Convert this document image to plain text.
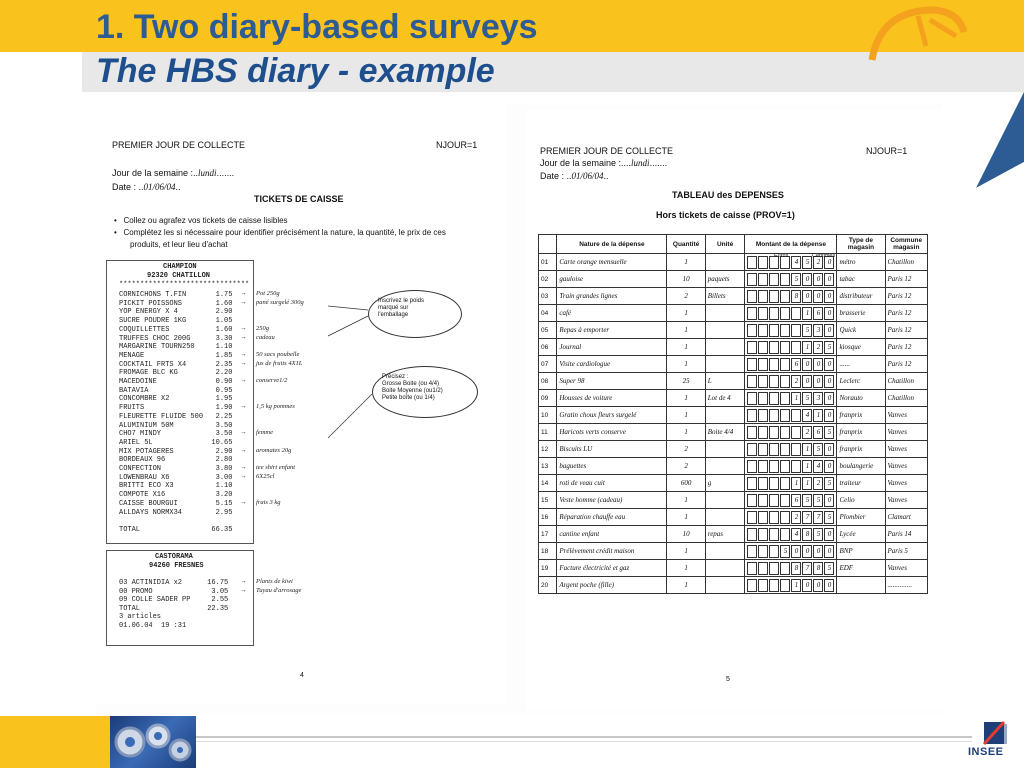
1. Two diary-based surveys
The HBS diary - example
INSEE
PREMIER JOUR DE COLLECTE	NJOUR=1
Jour de la semaine :..lundi.......
Date : ..01/06/04..
TICKETS DE CAISSE
•   Collez ou agrafez vos tickets de caisse lisibles
•   Complétez les si nécessaire pour identifier précisément la nature, la quantité, le prix de ces
produits, et leur lieu d'achat
CHAMPION
92320 CHATILLON
*******************************
CORNICHONS T.FIN       1.75
PICKIT POISSONS        1.60
YOP ENERGY X 4         2.90
SUCRE POUDRE 1KG       1.05
COQUILLETTES           1.60
TRUFFES CHOC 200G      3.30
MARGARINE TOURN250     1.10
MENAGE                 1.85
COCKTAIL FRTS X4       2.35
FROMAGE BLC KG         2.20
MACEDOINE              0.90
BATAVIA                0.95
CONCOMBRE X2           1.95
FRUITS                 1.90
FLEURETTE FLUIDE 500   2.25
ALUMINIUM 50M          3.50
CHO7 MINDY             3.50
ARIEL 5L              10.65
MIX POTAGERES          2.90
BORDEAUX 96            2.80
CONFECTION             3.80
LOWENBRAU X6           3.00
BRITTI ECO X3          1.10
COMPOTE X16            3.20
CAISSE BOURGUI         5.15
ALLDAYS NORMX34        2.95
TOTAL                 66.35
→ Pot 250g
→ pané surgelé 300g
→ 250g
→ cadeau
→ 50 sacs poubelle
→ jus de fruits 4X1L
→ conserve1/2
→ 1,5 kg pommes
→ femme
→ aromates 20g
→ tee shirt enfant
→ 6X25cl
→ frais 3 kg
Inscrivez le poids
marqué sur
l'emballage
Précisez :
Grosse Boite (ou 4/4)
Boite Moyenne (ou1/2)
Petite boîte (ou 1/4)
CASTORAMA
94260 FRESNES
03 ACTINIDIA x2      16.75
00 PROMO              3.05
09 COLLE SADER PP     2.55
TOTAL                22.35
3 articles
01.06.04  19 :31
→ Plants de kiwi
→ Tuyau d'arrosage
4
PREMIER JOUR DE COLLECTE	NJOUR=1
Jour de la semaine :....lundi.......
Date : ..01/06/04..
TABLEAU des DEPENSES
Hors tickets de caisse (PROV=1)
	Nature de la dépense	Quantité	Unité	Montant de la dépense	Type de magasin	Commune magasin
01	Carte orange mensuelle	1		4 5 2 0	métro	Chatillon
02	gauloise	10	paquets	5 0 0 0	tabac	Paris 12
03	Train grandes lignes	2	Billets	8 0 0 0	distributeur	Paris 12
04	café	1		1 6 0	brasserie	Paris 12
05	Repas à emporter	1		5 3 0	Quick	Paris 12
06	Journal	1		1 2 5	kiosque	Paris 12
07	Visite cardiologue	1		6 0 0 0	......	Paris 12
08	Super 98	25	L	2 0 0 0	Leclerc	Chatillon
09	Housses de voiture	1	Lot de 4	1 5 3 0	Norauto	Chatillon
10	Gratin choux fleurs surgelé	1		4 1 0	franprix	Vanves
11	Haricots verts conserve	1	Boite 4/4	2 6 5	franprix	Vanves
12	Biscuits LU	2		1 5 0	franprix	Vanves
13	baguettes	2		1 4 0	boulangerie	Vanves
14	roti de veau cuit	600	g	1 1 2 5	traiteur	Vanves
15	Veste homme (cadeau)	1		6 5 5 0	Celio	Vanves
16	Réparation chauffe eau	1		2 7 7 5	Plombier	Clamart
17	cantine enfant	10	repas	4 8 5 0	Lycée	Paris 14
18	Prélèvement crédit maison	1		5 0 0 0 0	BNP	Paris 5
19	Facture électricité et gaz	1		8 7 8 5	EDF	Vanves
20	Argent poche (fille)	1		1 0 0 0		..............
Euros	Centimes
5
